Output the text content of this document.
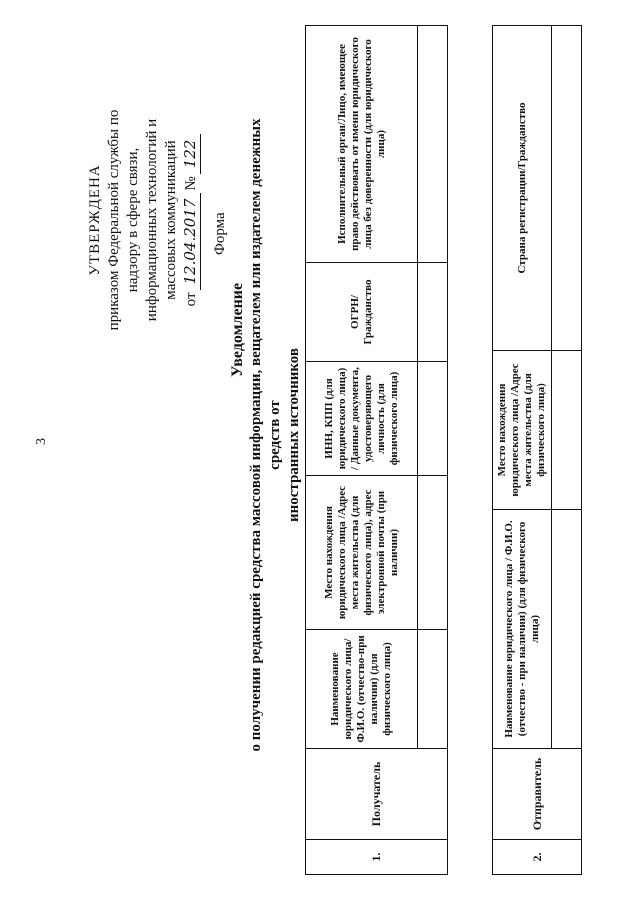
3
УТВЕРЖДЕНА приказом Федеральной службы по надзору в сфере связи, информационных технологий и массовых коммуникаций от
12.04.2017
№
122
Форма
Уведомление о получении редакцией средства массовой информации, вещателем или издателем денежных средств от иностранных источников
1.	Получатель	Наименование юридического лица/Ф.И.О. (отчество-при наличии) (для физического лица)	Место нахождения юридического лица /Адрес места жительства (для физического лица), адрес электронной почты (при наличии)	ИНН, КПП (для юридического лица) / Данные документа, удостоверяющего личность (для физического лица)	ОГРН/ Гражданство	Исполнительный орган/Лицо, имеющее право действовать от имени юридического лица без доверенности (для юридического лица)

2.	Отправитель	Наименование юридического лица / Ф.И.О. (отчество - при наличии) (для физического лица)	Место нахождения юридического лица /Адрес места жительства (для физического лица)	Страна регистрации/Гражданство
